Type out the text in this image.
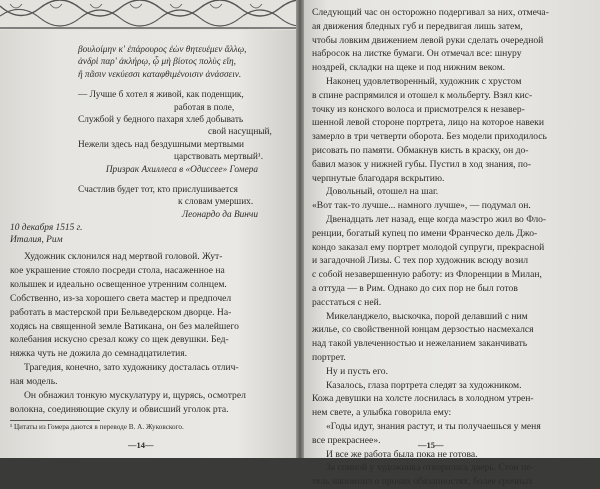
βουλοίμην κ' ἐπάρουρος ἐὼν θητευέμεν ἄλλῳ,
ἀνδρὶ παρ' ἀκλήρῳ, ᾧ μὴ βίοτος πολὺς εἴη,
ἢ πᾶσιν νεκύεσσι καταφθιμένοισιν ἀνάσσειν.
— Лучше б хотел я живой, как поденщик,
работая в поле,
Службой у бедного пахаря хлеб добывать
свой насущный,
Нежели здесь над бездушными мертвыми
царствовать мертвый¹.
Призрак Ахиллеса в «Одиссее» Гомера
Счастлив будет тот, кто прислушивается
к словам умерших.
Леонардо да Винчи
10 декабря 1515 г.
Италия, Рим
Художник склонился над мертвой головой. Жут-
кое украшение стояло посреди стола, насаженное на
колышек и идеально освещенное утренним солнцем.
Собственно, из-за хорошего света мастер и предпочел
работать в мастерской при Бельведерском дворце. На-
ходясь на священной земле Ватикана, он без малейшего
колебания искусно срезал кожу со щек девушки. Бед-
няжка чуть не дожила до семнадцатилетия.
Трагедия, конечно, зато художнику досталась отлич-
ная модель.
Он обнажил тонкую мускулатуру и, щурясь, осмотрел
волокна, соединяющие скулу и обвисший уголок рта.
¹ Цитаты из Гомера даются в переводе В. А. Жуковского.
—14—
Следующий час он осторожно подергивал за них, отмеча-
ая движения бледных губ и передвигая лишь затем,
чтобы ловким движением левой руки сделать очередной
набросок на листке бумаги. Он отмечал все: шнуру
ноздрей, складки на щеке и под нижним веком.
Наконец удовлетворенный, художник с хрустом
в спине распрямился и отошел к мольберту. Взял кис-
точку из конского волоса и присмотрелся к незавер-
шенной левой стороне портрета, лицо на которое навеки
замерло в три четверти оборота. Без модели приходилось
рисовать по памяти. Обмакнув кисть в краску, он до-
бавил мазок у нижней губы. Пустил в ход знания, по-
черпнутые благодаря вскрытию.
Довольный, отошел на шаг.
«Вот так-то лучше... намного лучше», — подумал он.
Двенадцать лет назад, еще когда маэстро жил во Фло-
ренции, богатый купец по имени Франческо дель Джо-
кондо заказал ему портрет молодой супруги, прекрасной
и загадочной Лизы. С тех пор художник всюду возил
с собой незавершенную работу: из Флоренции в Милан,
а оттуда — в Рим. Однако до сих пор не был готов
расстаться с ней.
Микеланджело, выскочка, порой делавший с ним
жилье, со свойственной юнцам дерзостью насмехался
над такой увлеченностью и нежеланием заканчивать
портрет.
Ну и пусть его.
Казалось, глаза портрета следят за художником.
Кожа девушки на холсте лоснилась в холодном утрен-
нем свете, а улыбка говорила ему:
«Годы идут, знания растут, и ты получаешься у меня
все прекраснее».
И все же работа была пока не готова.
За спиной у художника отворилась дверь. Стон пе-
тель напомнил о прочих обязанностях, более срочных
—15—
